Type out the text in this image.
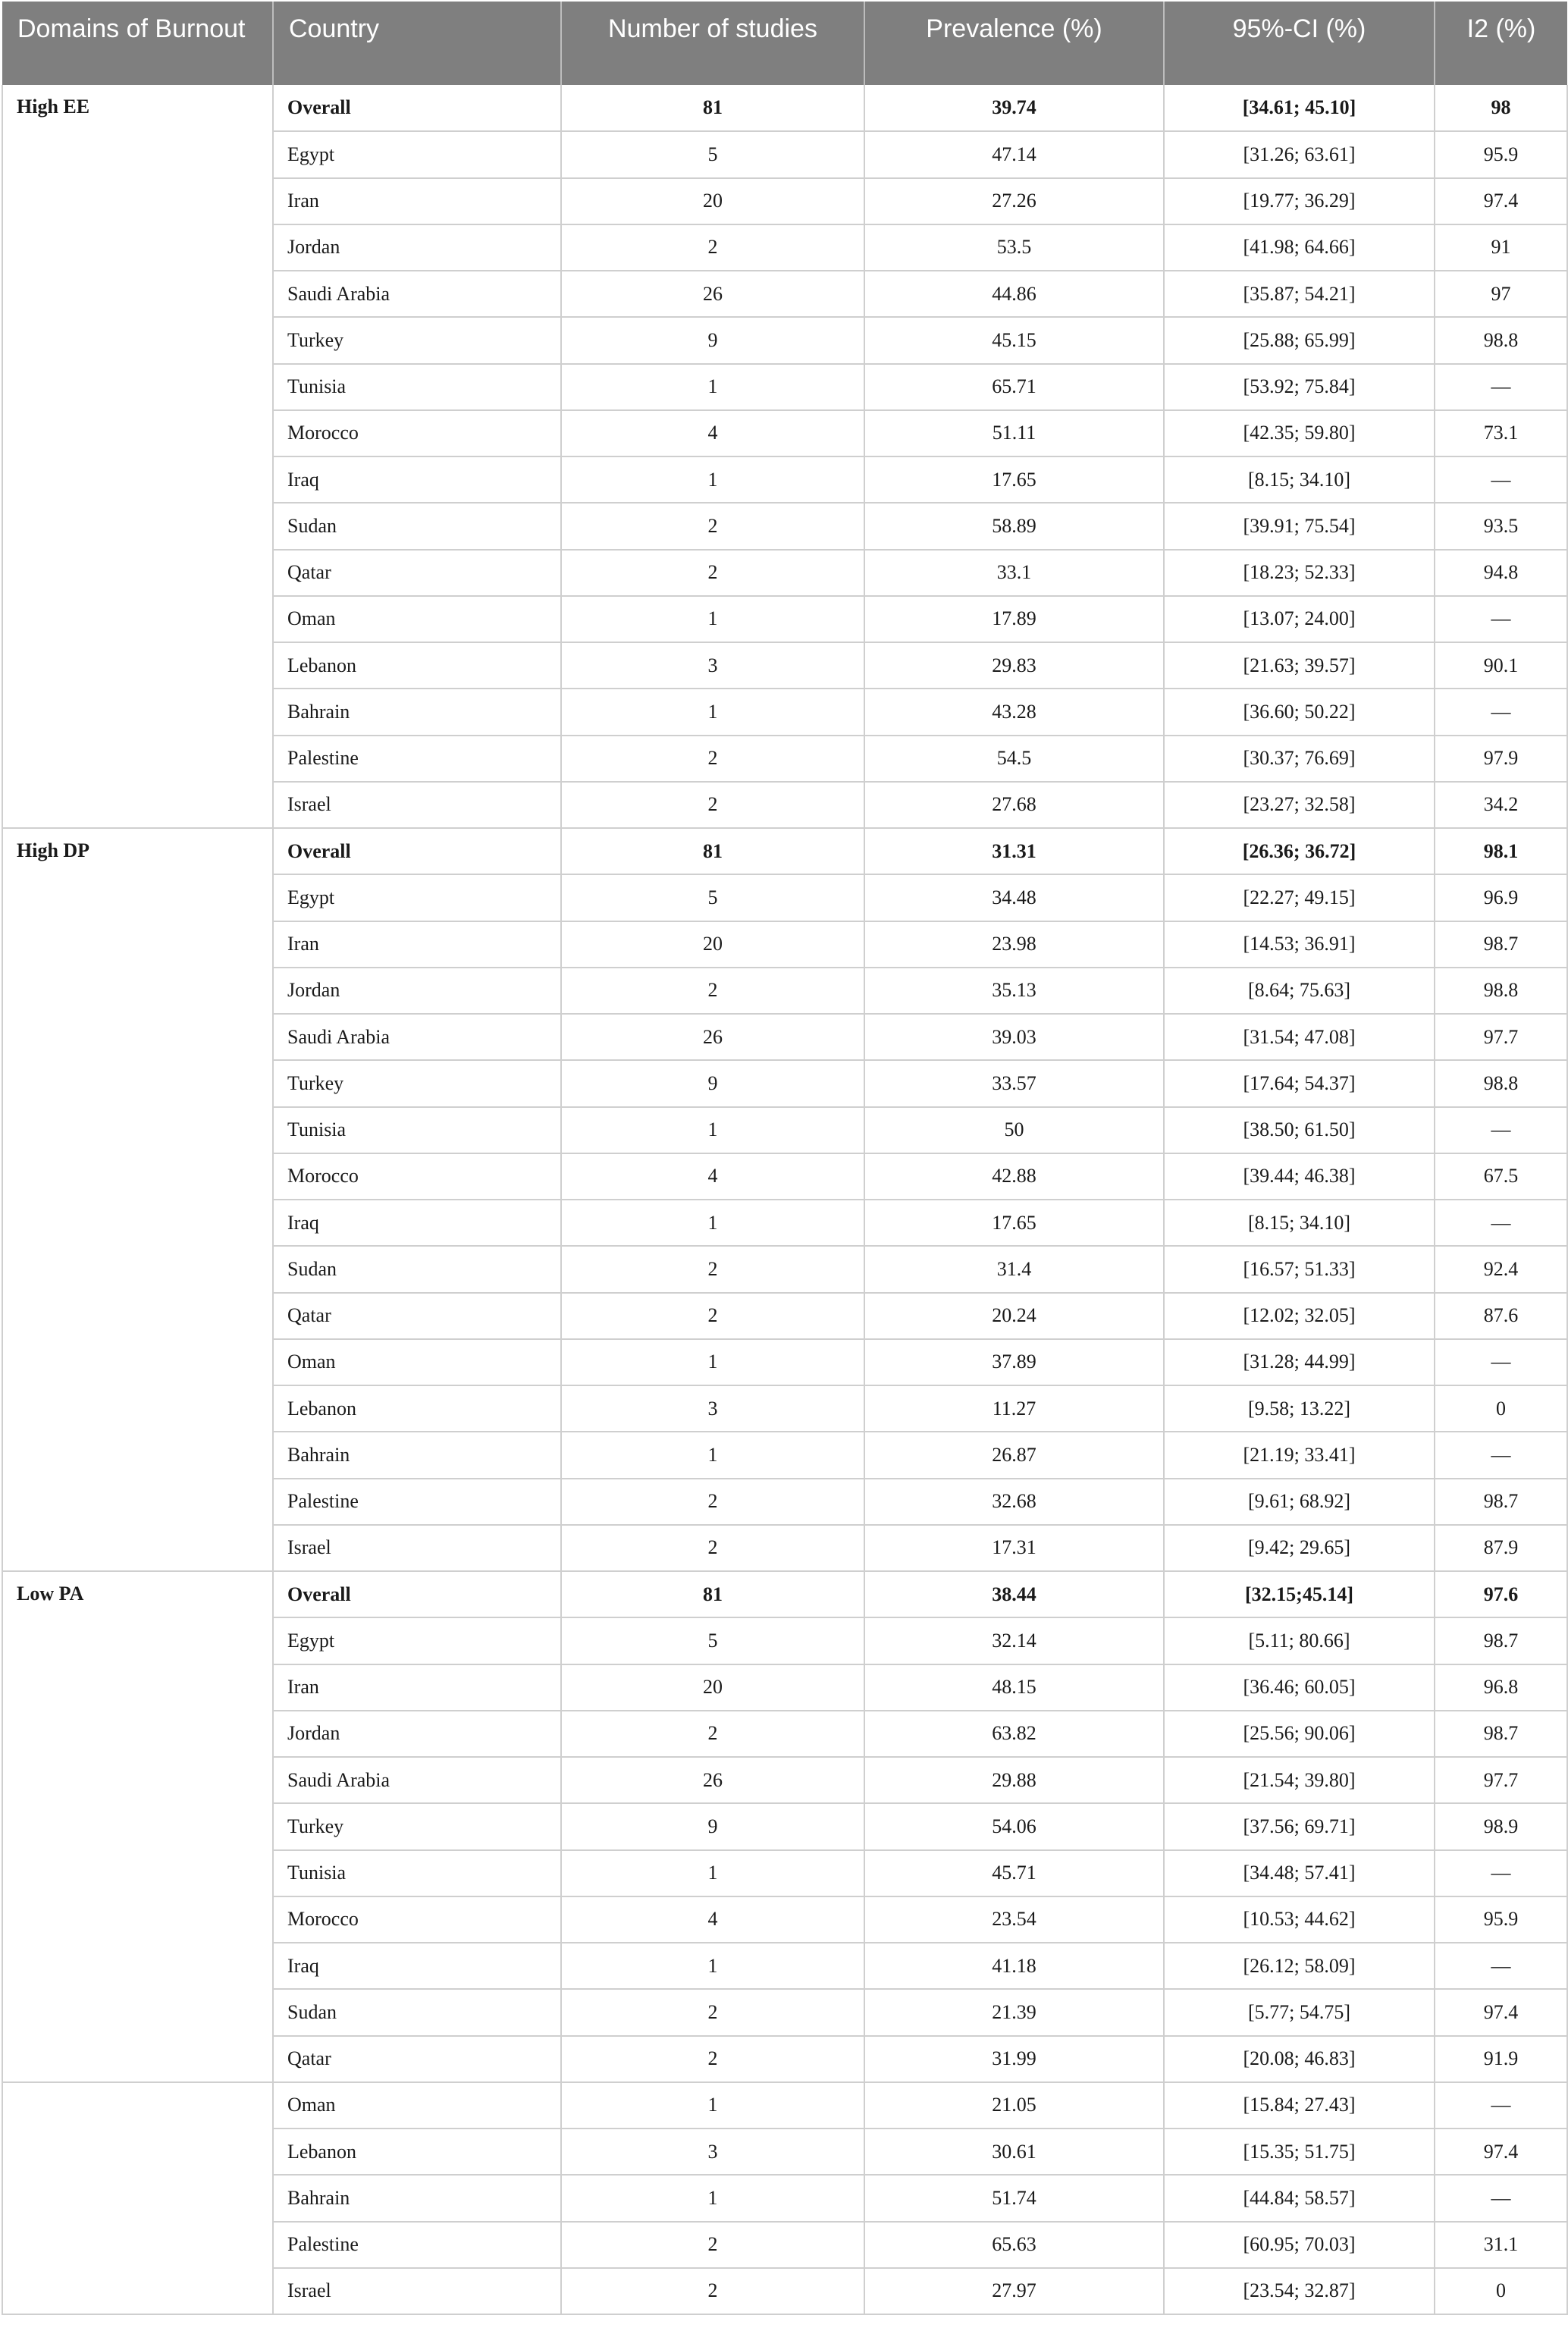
Domains of Burnout	Country	Number of studies	Prevalence (%)	95%-CI (%)	I2 (%)
High EE	Overall	81	39.74	[34.61; 45.10]	98
	Egypt	5	47.14	[31.26; 63.61]	95.9
	Iran	20	27.26	[19.77; 36.29]	97.4
	Jordan	2	53.5	[41.98; 64.66]	91
	Saudi Arabia	26	44.86	[35.87; 54.21]	97
	Turkey	9	45.15	[25.88; 65.99]	98.8
	Tunisia	1	65.71	[53.92; 75.84]	—
	Morocco	4	51.11	[42.35; 59.80]	73.1
	Iraq	1	17.65	[8.15; 34.10]	—
	Sudan	2	58.89	[39.91; 75.54]	93.5
	Qatar	2	33.1	[18.23; 52.33]	94.8
	Oman	1	17.89	[13.07; 24.00]	—
	Lebanon	3	29.83	[21.63; 39.57]	90.1
	Bahrain	1	43.28	[36.60; 50.22]	—
	Palestine	2	54.5	[30.37; 76.69]	97.9
	Israel	2	27.68	[23.27; 32.58]	34.2
High DP	Overall	81	31.31	[26.36; 36.72]	98.1
	Egypt	5	34.48	[22.27; 49.15]	96.9
	Iran	20	23.98	[14.53; 36.91]	98.7
	Jordan	2	35.13	[8.64; 75.63]	98.8
	Saudi Arabia	26	39.03	[31.54; 47.08]	97.7
	Turkey	9	33.57	[17.64; 54.37]	98.8
	Tunisia	1	50	[38.50; 61.50]	—
	Morocco	4	42.88	[39.44; 46.38]	67.5
	Iraq	1	17.65	[8.15; 34.10]	—
	Sudan	2	31.4	[16.57; 51.33]	92.4
	Qatar	2	20.24	[12.02; 32.05]	87.6
	Oman	1	37.89	[31.28; 44.99]	—
	Lebanon	3	11.27	[9.58; 13.22]	0
	Bahrain	1	26.87	[21.19; 33.41]	—
	Palestine	2	32.68	[9.61; 68.92]	98.7
	Israel	2	17.31	[9.42; 29.65]	87.9
Low PA	Overall	81	38.44	[32.15;45.14]	97.6
	Egypt	5	32.14	[5.11; 80.66]	98.7
	Iran	20	48.15	[36.46; 60.05]	96.8
	Jordan	2	63.82	[25.56; 90.06]	98.7
	Saudi Arabia	26	29.88	[21.54; 39.80]	97.7
	Turkey	9	54.06	[37.56; 69.71]	98.9
	Tunisia	1	45.71	[34.48; 57.41]	—
	Morocco	4	23.54	[10.53; 44.62]	95.9
	Iraq	1	41.18	[26.12; 58.09]	—
	Sudan	2	21.39	[5.77; 54.75]	97.4
	Qatar	2	31.99	[20.08; 46.83]	91.9
	Oman	1	21.05	[15.84; 27.43]	—
	Lebanon	3	30.61	[15.35; 51.75]	97.4
	Bahrain	1	51.74	[44.84; 58.57]	—
	Palestine	2	65.63	[60.95; 70.03]	31.1
	Israel	2	27.97	[23.54; 32.87]	0
